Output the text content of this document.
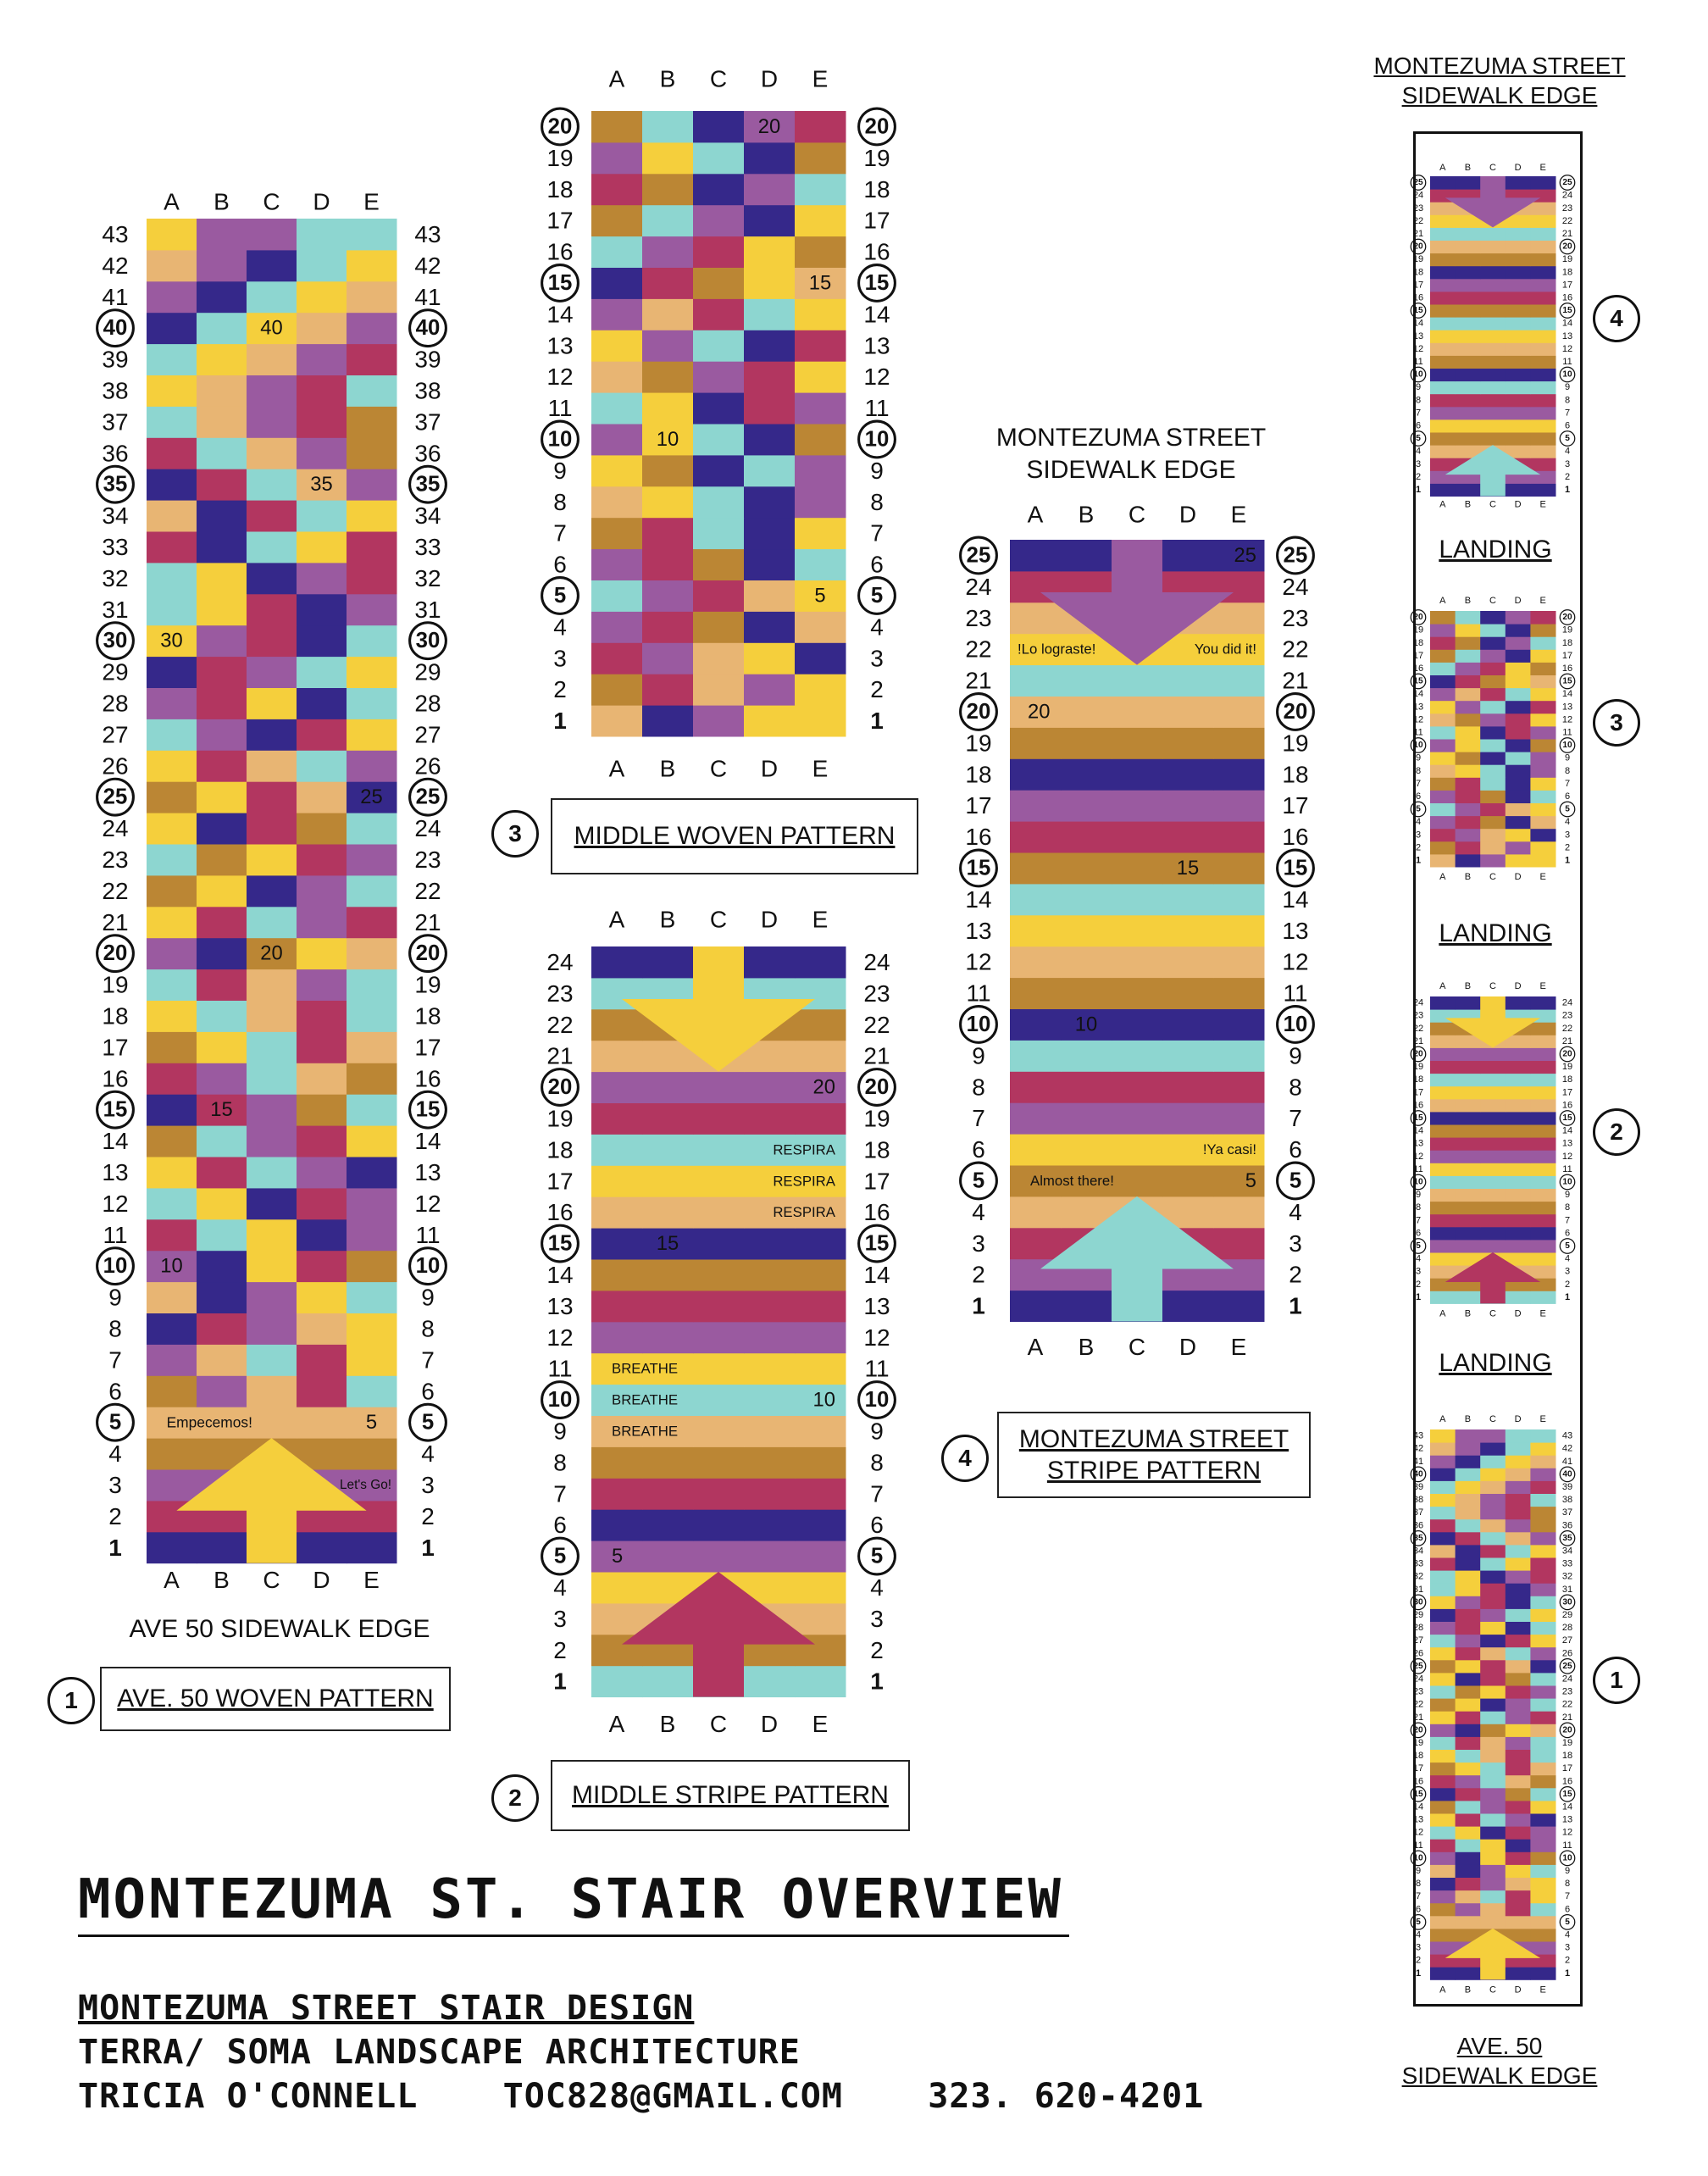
1	1
2	2
3	3
4	4
5	5
6	6
7	7
8	8
9	9
10	10
11	11
12	12
13	13
14	14
15	15
16	16
17	17
18	18
19	19
20	20
21	21
22	22
23	23
24	24
25	25
26	26
27	27
28	28
29	29
30	30
31	31
32	32
33	33
34	34
35	35
36	36
37	37
38	38
39	39
40	40
41	41
42	42
43	43
A
A
B
B
C
C
D
D
E
E
Empecemos!
Let's Go!
5
10
15
20
25
30
35
40
1	1
2	2
3	3
4	4
5	5
6	6
7	7
8	8
9	9
10	10
11	11
12	12
13	13
14	14
15	15
16	16
17	17
18	18
19	19
20	20
A
A
B
B
C
C
D
D
E
E
5
10
15
20
1	1
2	2
3	3
4	4
5	5
6	6
7	7
8	8
9	9
10	10
11	11
12	12
13	13
14	14
15	15
16	16
17	17
18	18
19	19
20	20
21	21
22	22
23	23
24	24
A
A
B
B
C
C
D
D
E
E
20
RESPIRA
RESPIRA
RESPIRA
15
BREATHE
BREATHE
BREATHE
10
5
1	1
2	2
3	3
4	4
5	5
6	6
7	7
8	8
9	9
10	10
11	11
12	12
13	13
14	14
15	15
16	16
17	17
18	18
19	19
20	20
21	21
22	22
23	23
24	24
25	25
A
A
B
B
C
C
D
D
E
E
!Lo lograste!
20
10
Almost there!
25
You did it!
15
!Ya casi!
5
1	1
2	2
3	3
4	4
5	5
6	6
7	7
8	8
9	9
10	10
11	11
12	12
13	13
14	14
15	15
16	16
17	17
18	18
19	19
20	20
21	21
22	22
23	23
24	24
25	25
A
A
B
B
C
C
D
D
E
E
1	1
2	2
3	3
4	4
5	5
6	6
7	7
8	8
9	9
10	10
11	11
12	12
13	13
14	14
15	15
16	16
17	17
18	18
19	19
20	20
A
A
B
B
C
C
D
D
E
E
1	1
2	2
3	3
4	4
5	5
6	6
7	7
8	8
9	9
10	10
11	11
12	12
13	13
14	14
15	15
16	16
17	17
18	18
19	19
20	20
21	21
22	22
23	23
24	24
A
A
B
B
C
C
D
D
E
E
1	1
2	2
3	3
4	4
5	5
6	6
7	7
8	8
9	9
10	10
11	11
12	12
13	13
14	14
15	15
16	16
17	17
18	18
19	19
20	20
21	21
22	22
23	23
24	24
25	25
26	26
27	27
28	28
29	29
30	30
31	31
32	32
33	33
34	34
35	35
36	36
37	37
38	38
39	39
40	40
41	41
42	42
43	43
A
A
B
B
C
C
D
D
E
E
AVE. 50 WOVEN PATTERN
1
AVE 50 SIDEWALK EDGE
MIDDLE WOVEN PATTERN
3
MIDDLE STRIPE PATTERN
2
MONTEZUMA STREET
STRIPE PATTERN
4
MONTEZUMA STREET
SIDEWALK EDGE
MONTEZUMA STREET
SIDEWALK EDGE
LANDING
LANDING
LANDING
AVE. 50
SIDEWALK EDGE
4
3
2
1
MONTEZUMA ST. STAIR OVERVIEW
MONTEZUMA STREET STAIR DESIGN
TERRA/ SOMA LANDSCAPE ARCHITECTURE
TRICIA O'CONNELL    TOC828@GMAIL.COM    323. 620-4201
